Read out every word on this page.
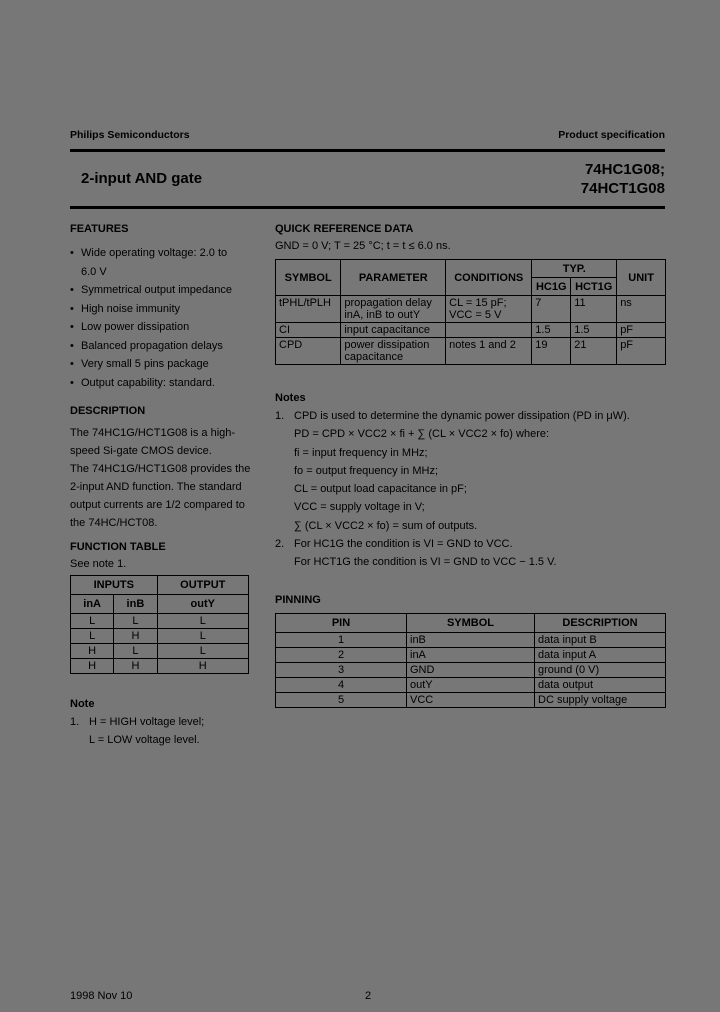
Philips Semiconductors	Product specification
2-input AND gate
74HC1G08;
74HCT1G08
FEATURES
• Wide operating voltage: 2.0 to 6.0 V
• Symmetrical output impedance
• High noise immunity
• Low power dissipation
• Balanced propagation delays
• Very small 5 pins package
• Output capability: standard.
DESCRIPTION
The 74HC1G/HCT1G08 is a high-speed Si-gate CMOS device.
The 74HC1G/HCT1G08 provides the 2-input AND function. The standard output currents are 1/2 compared to the 74HC/HCT08.
FUNCTION TABLE
See note 1.
INPUTS		OUTPUT
inA	inB	outY
L	L	L
L	H	L
H	L	L
H	H	H
Note
1. H = HIGH voltage level;
L = LOW voltage level.
QUICK REFERENCE DATA
GND = 0 V; T = 25 °C; t = t ≤ 6.0 ns.
SYMBOL	PARAMETER	CONDITIONS	TYP.		UNIT
			HC1G	HCT1G	
tPHL/tPLH	propagation delay inA, inB to outY	CL = 15 pF;
VCC = 5 V	7	11	ns
CI	input capacitance		1.5	1.5	pF
CPD	power dissipation capacitance	notes 1 and 2	19	21	pF
Notes
1.

2.
CPD is used to determine the dynamic power dissipation (PD in μW).
PD = CPD × VCC2 × fi + ∑ (CL × VCC2 × fo) where:
fi = input frequency in MHz;
fo = output frequency in MHz;
CL = output load capacitance in pF;
VCC = supply voltage in V;
∑ (CL × VCC2 × fo) = sum of outputs.
For HC1G the condition is VI = GND to VCC.
For HCT1G the condition is VI = GND to VCC − 1.5 V.
PINNING
PIN	SYMBOL	DESCRIPTION
1	inB	data input B
2	inA	data input A
3	GND	ground (0 V)
4	outY	data output
5	VCC	DC supply voltage
1998 Nov 10	2
